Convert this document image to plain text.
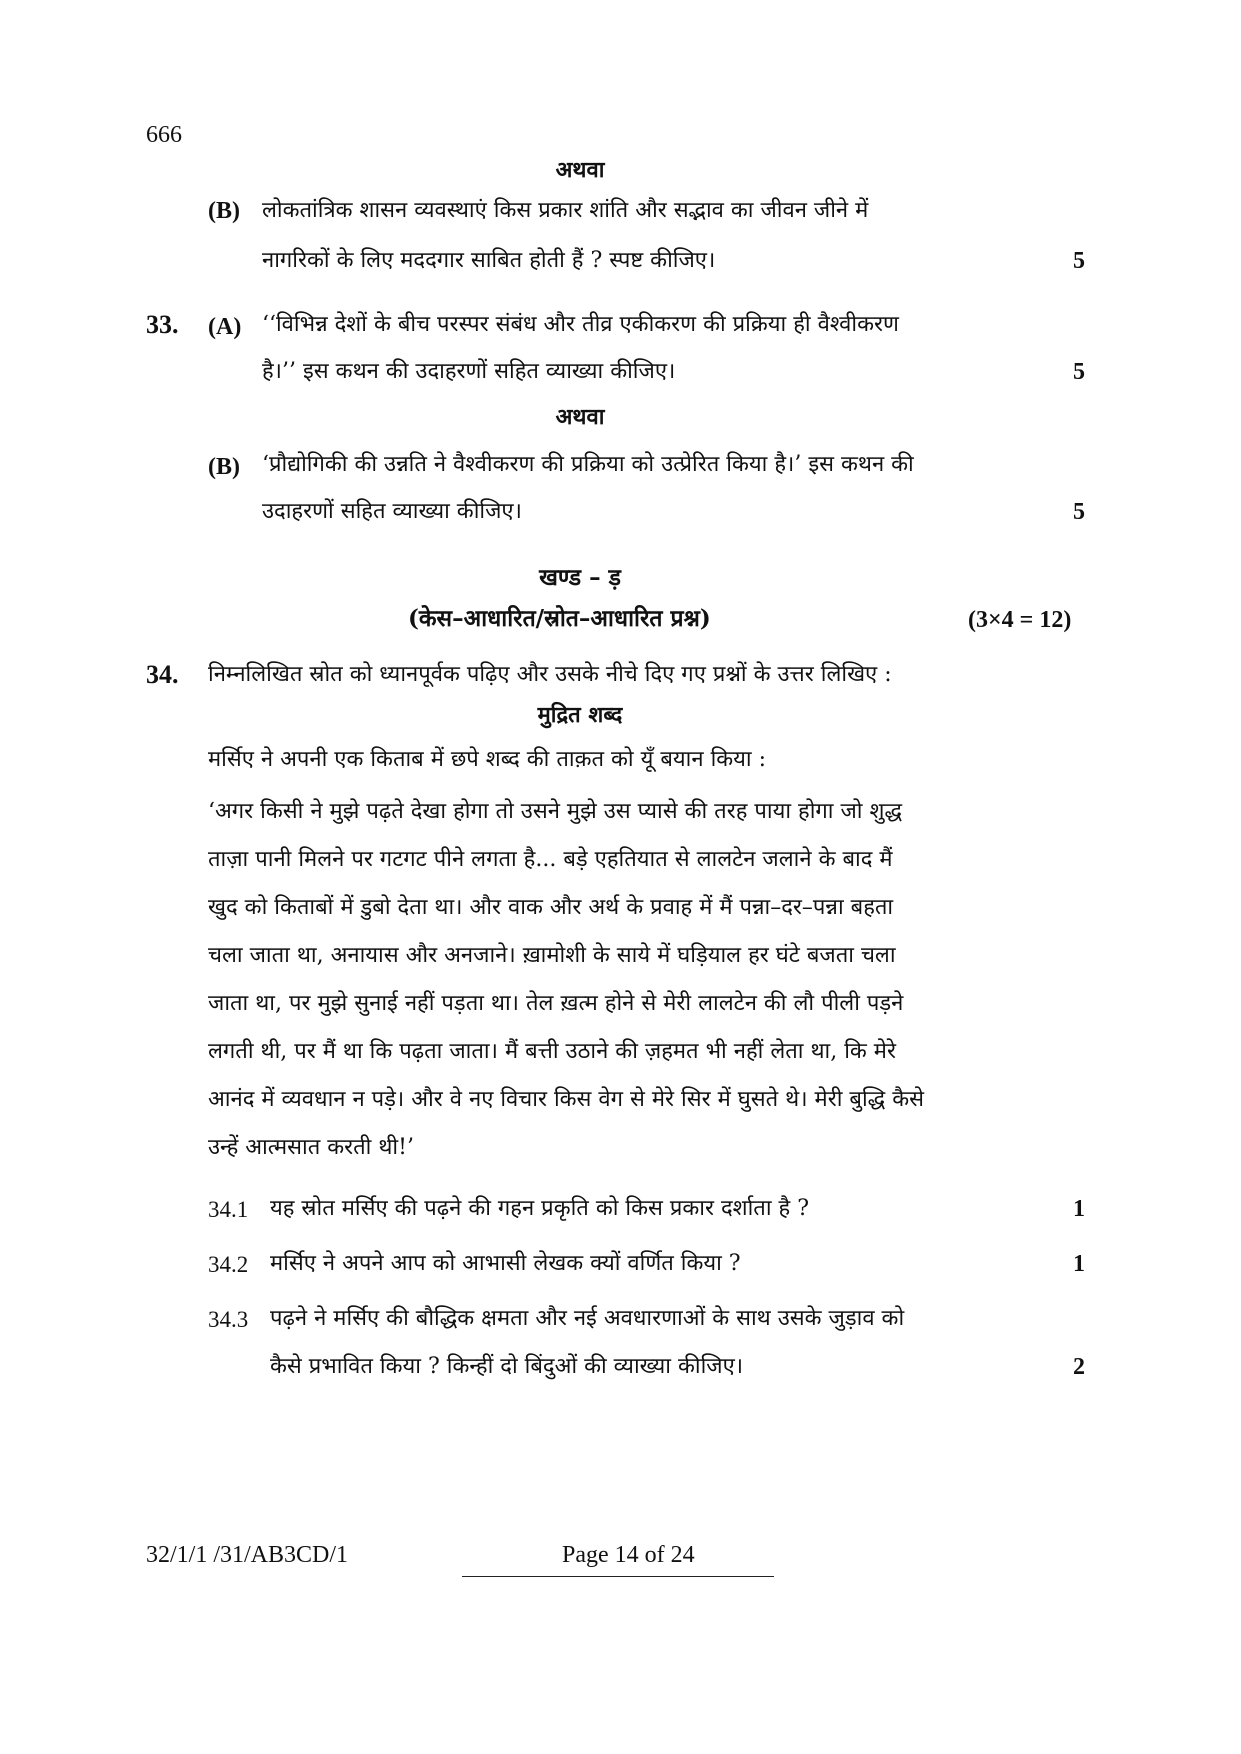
666
अथवा
(B) लोकतांत्रिक शासन व्यवस्थाएं किस प्रकार शांति और सद्भाव का जीवन जीने में
नागरिकों के लिए मददगार साबित होती हैं ? स्पष्ट कीजिए।	5
33. (A) ‘‘विभिन्न देशों के बीच परस्पर संबंध और तीव्र एकीकरण की प्रक्रिया ही वैश्वीकरण
है।’’ इस कथन की उदाहरणों सहित व्याख्या कीजिए।	5
अथवा
(B) ‘प्रौद्योगिकी की उन्नति ने वैश्वीकरण की प्रक्रिया को उत्प्रेरित किया है।’ इस कथन की
उदाहरणों सहित व्याख्या कीजिए।	5
खण्ड – ड़
(केस–आधारित/स्रोत–आधारित प्रश्न)	(3×4 = 12)
34. निम्नलिखित स्रोत को ध्यानपूर्वक पढ़िए और उसके नीचे दिए गए प्रश्नों के उत्तर लिखिए :
मुद्रित शब्द
मर्सिए ने अपनी एक किताब में छपे शब्द की ताक़त को यूँ बयान किया :
‘अगर किसी ने मुझे पढ़ते देखा होगा तो उसने मुझे उस प्यासे की तरह पाया होगा जो शुद्ध
ताज़ा पानी मिलने पर गटगट पीने लगता है... बड़े एहतियात से लालटेन जलाने के बाद मैं
खुद को किताबों में डुबो देता था। और वाक और अर्थ के प्रवाह में मैं पन्ना–दर–पन्ना बहता
चला जाता था, अनायास और अनजाने। ख़ामोशी के साये में घड़ियाल हर घंटे बजता चला
जाता था, पर मुझे सुनाई नहीं पड़ता था। तेल ख़त्म होने से मेरी लालटेन की लौ पीली पड़ने
लगती थी, पर मैं था कि पढ़ता जाता। मैं बत्ती उठाने की ज़हमत भी नहीं लेता था, कि मेरे
आनंद में व्यवधान न पड़े। और वे नए विचार किस वेग से मेरे सिर में घुसते थे। मेरी बुद्धि कैसे
उन्हें आत्मसात करती थी!’
34.1 यह स्रोत मर्सिए की पढ़ने की गहन प्रकृति को किस प्रकार दर्शाता है ?	1
34.2 मर्सिए ने अपने आप को आभासी लेखक क्यों वर्णित किया ?	1
34.3 पढ़ने ने मर्सिए की बौद्धिक क्षमता और नई अवधारणाओं के साथ उसके जुड़ाव को
कैसे प्रभावित किया ? किन्हीं दो बिंदुओं की व्याख्या कीजिए।	2
32/1/1 /31/AB3CD/1	Page 14 of 24
